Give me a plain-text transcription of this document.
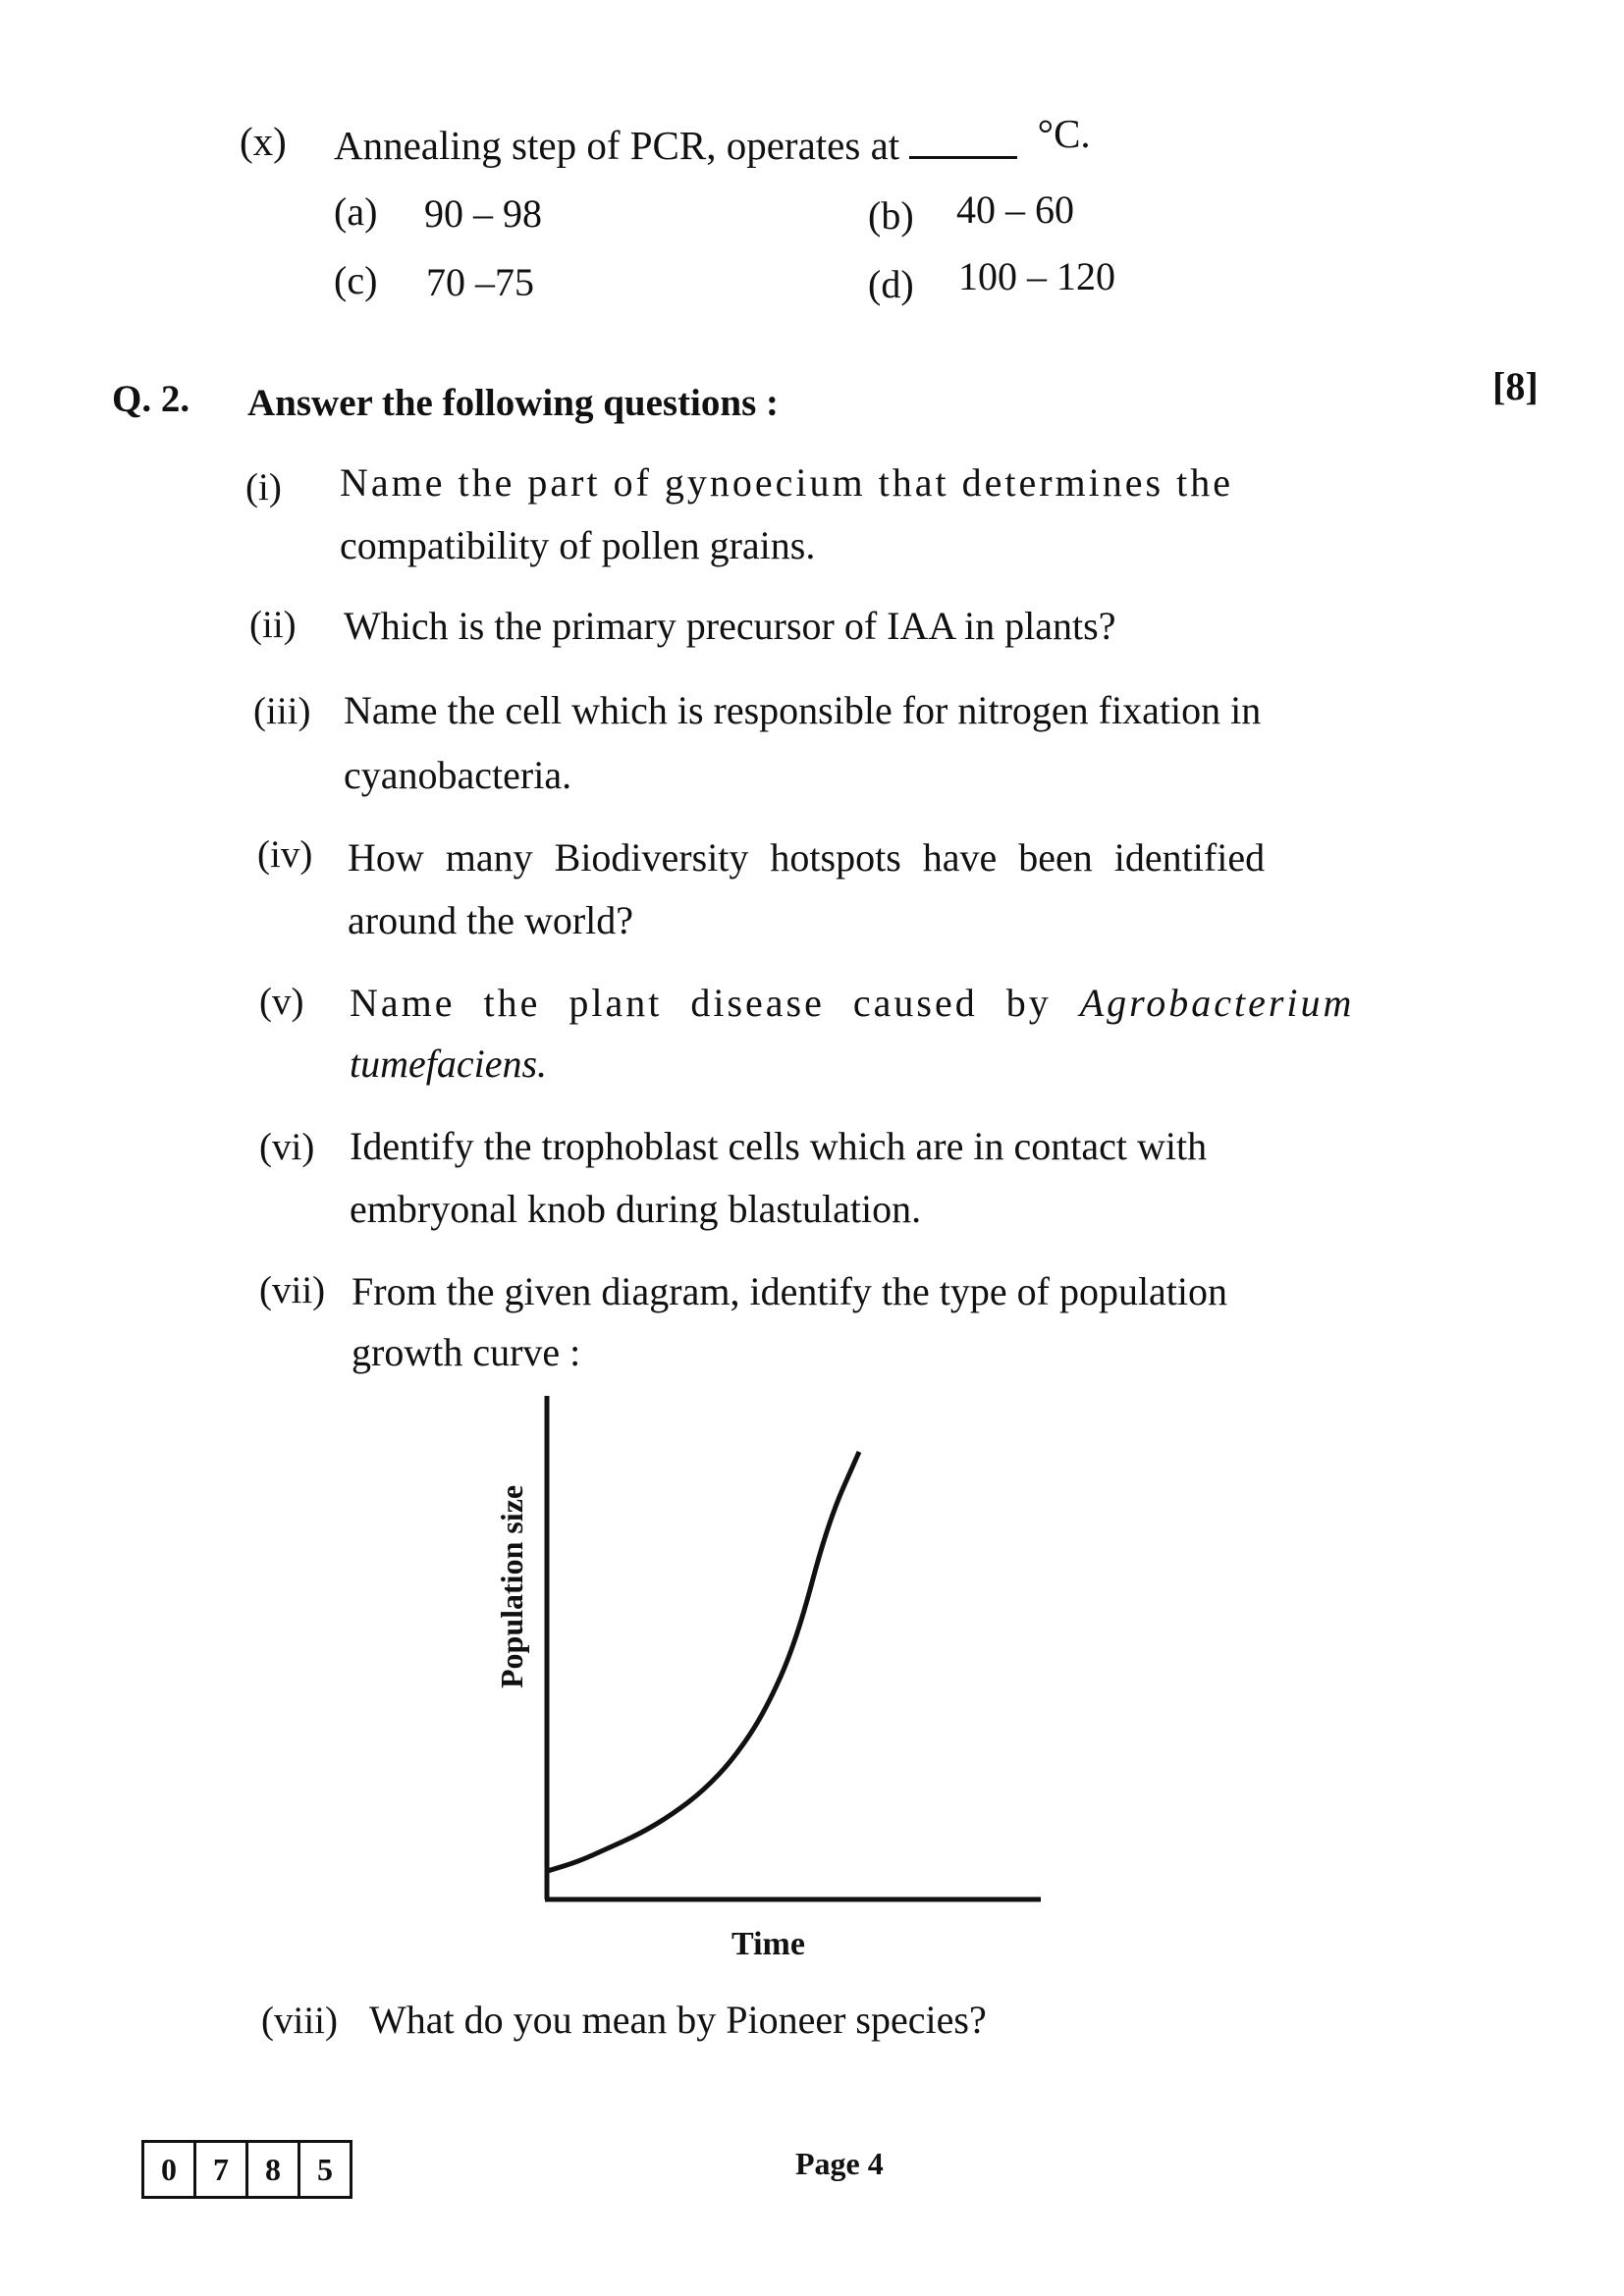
(x) Annealing step of PCR, operates at	°C.
(a) 90 – 98	(b) 40 – 60
(c) 70 –75	(d) 100 – 120
Q. 2. Answer the following questions :	[8]
(i) Name the part of gynoecium that determines the
compatibility of pollen grains.
(ii) Which is the primary precursor of IAA in plants?
(iii) Name the cell which is responsible for nitrogen fixation in
cyanobacteria.
(iv) How many Biodiversity hotspots have been identified
around the world?
(v) Name the plant disease caused by Agrobacterium
tumefaciens.
(vi) Identify the trophoblast cells which are in contact with
embryonal knob during blastulation.
(vii) From the given diagram, identify the type of population
growth curve :
Population size
Time
(viii) What do you mean by Pioneer species?
0	7	8	5	Page 4
